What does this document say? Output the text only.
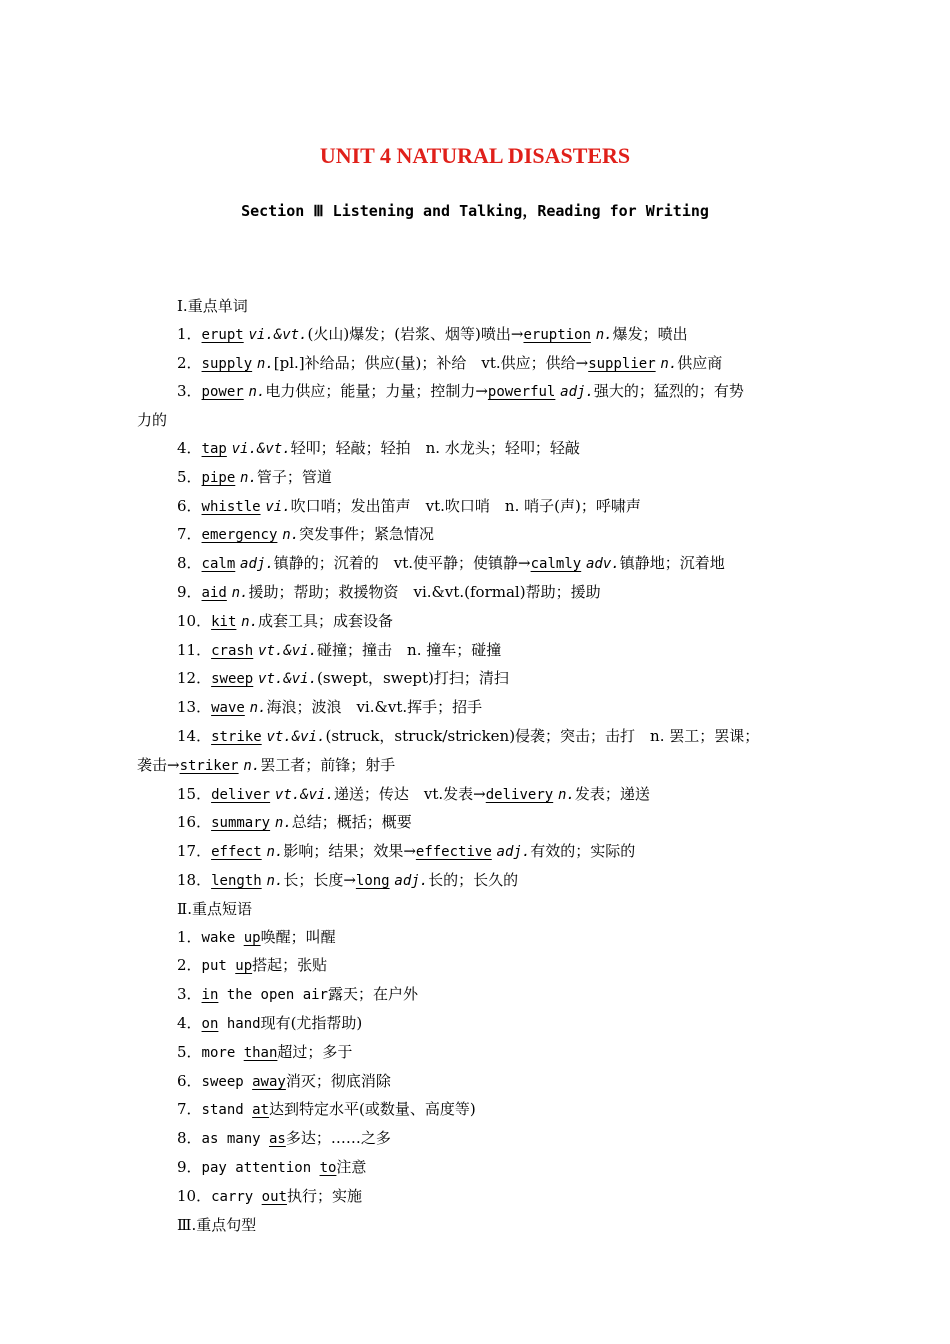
UNIT 4 NATURAL DISASTERS
Section Ⅲ Listening and Talking，Reading for Writing
Ⅰ.重点单词
1．erupt vi.&vt.(火山)爆发；(岩浆、烟等)喷出→eruption n.爆发；喷出
2．supply n.[pl.]补给品；供应(量)；补给　vt.供应；供给→supplier n.供应商
3．power n.电力供应；能量；力量；控制力→powerful adj.强大的；猛烈的；有势
力的
4．tap vi.&vt.轻叩；轻敲；轻拍　n. 水龙头；轻叩；轻敲
5．pipe n.管子；管道
6．whistle vi.吹口哨；发出笛声　vt.吹口哨　n. 哨子(声)；呼啸声
7．emergency n.突发事件；紧急情况
8．calm adj.镇静的；沉着的　vt.使平静；使镇静→calmly adv.镇静地；沉着地
9．aid n.援助；帮助；救援物资　vi.&vt.(formal)帮助；援助
10．kit n.成套工具；成套设备
11．crash vt.&vi.碰撞；撞击　n. 撞车；碰撞
12．sweep vt.&vi.(swept，swept)打扫；清扫
13．wave n.海浪；波浪　vi.&vt.挥手；招手
14．strike vt.&vi.(struck，struck/stricken)侵袭；突击；击打　n. 罢工；罢课；
袭击→striker n.罢工者；前锋；射手
15．deliver vt.&vi.递送；传达　vt.发表→delivery n.发表；递送
16．summary n.总结；概括；概要
17．effect n.影响；结果；效果→effective adj.有效的；实际的
18．length n.长；长度→long adj.长的；长久的
Ⅱ.重点短语
1．wake up唤醒；叫醒
2．put up搭起；张贴
3．in the open air露天；在户外
4．on hand现有(尤指帮助)
5．more than超过；多于
6．sweep away消灭；彻底消除
7．stand at达到特定水平(或数量、高度等)
8．as many as多达；……之多
9．pay attention to注意
10．carry out执行；实施
Ⅲ.重点句型
